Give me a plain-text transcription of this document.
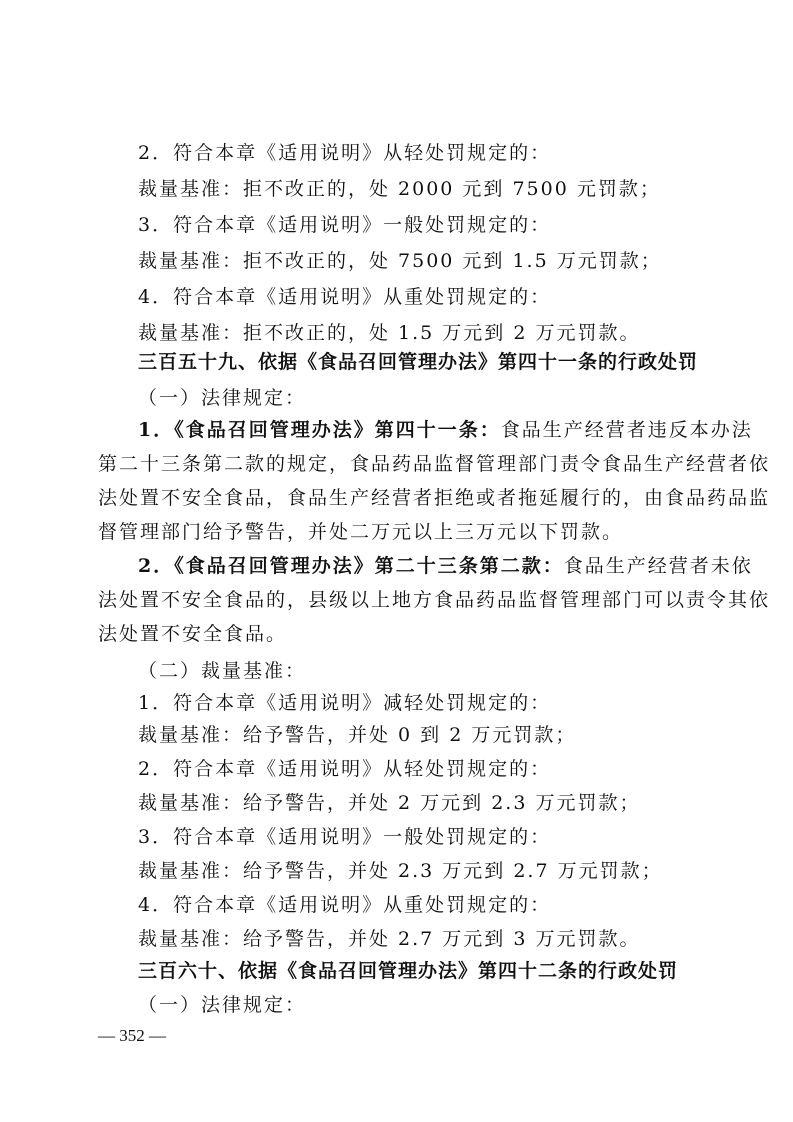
2．符合本章《适用说明》从轻处罚规定的：
裁量基准：拒不改正的，处 2000 元到 7500 元罚款；
3．符合本章《适用说明》一般处罚规定的：
裁量基准：拒不改正的，处 7500 元到 1.5 万元罚款；
4．符合本章《适用说明》从重处罚规定的：
裁量基准：拒不改正的，处 1.5 万元到 2 万元罚款。
三百五十九、依据《食品召回管理办法》第四十一条的行政处罚
（一）法律规定：
1．《食品召回管理办法》第四十一条：食品生产经营者违反本办法
第二十三条第二款的规定，食品药品监督管理部门责令食品生产经营者依
法处置不安全食品，食品生产经营者拒绝或者拖延履行的，由食品药品监
督管理部门给予警告，并处二万元以上三万元以下罚款。
2．《食品召回管理办法》第二十三条第二款：食品生产经营者未依
法处置不安全食品的，县级以上地方食品药品监督管理部门可以责令其依
法处置不安全食品。
（二）裁量基准：
1．符合本章《适用说明》减轻处罚规定的：
裁量基准：给予警告，并处 0 到 2 万元罚款；
2．符合本章《适用说明》从轻处罚规定的：
裁量基准：给予警告，并处 2 万元到 2.3 万元罚款；
3．符合本章《适用说明》一般处罚规定的：
裁量基准：给予警告，并处 2.3 万元到 2.7 万元罚款；
4．符合本章《适用说明》从重处罚规定的：
裁量基准：给予警告，并处 2.7 万元到 3 万元罚款。
三百六十、依据《食品召回管理办法》第四十二条的行政处罚
（一）法律规定：
— 352 —
